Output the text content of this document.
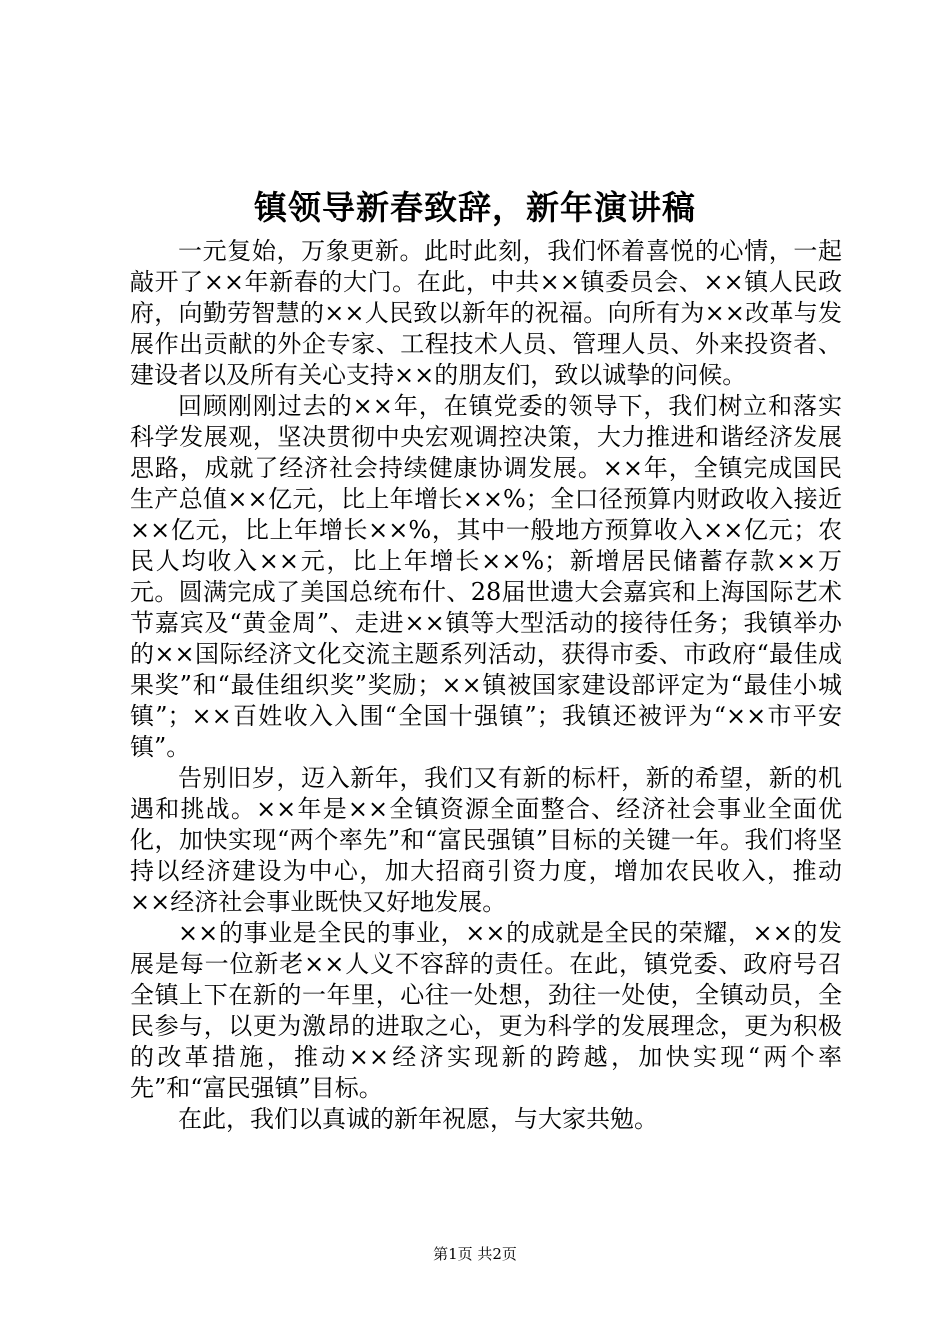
镇领导新春致辞，新年演讲稿

一元复始，万象更新。此时此刻，我们怀着喜悦的心情，一起敲开了××年新春的大门。在此，中共××镇委员会、××镇人民政府，向勤劳智慧的××人民致以新年的祝福。向所有为××改革与发展作出贡献的外企专家、工程技术人员、管理人员、外来投资者、建设者以及所有关心支持××的朋友们，致以诚挚的问候。

回顾刚刚过去的××年，在镇党委的领导下，我们树立和落实科学发展观，坚决贯彻中央宏观调控决策，大力推进和谐经济发展思路，成就了经济社会持续健康协调发展。××年，全镇完成国民生产总值××亿元，比上年增长××%；全口径预算内财政收入接近××亿元，比上年增长××%，其中一般地方预算收入××亿元；农民人均收入××元，比上年增长××%；新增居民储蓄存款××万元。圆满完成了美国总统布什、28届世遗大会嘉宾和上海国际艺术节嘉宾及“黄金周”、走进××镇等大型活动的接待任务；我镇举办的××国际经济文化交流主题系列活动，获得市委、市政府“最佳成果奖”和“最佳组织奖”奖励；××镇被国家建设部评定为“最佳小城镇”；××百姓收入入围“全国十强镇”；我镇还被评为“××市平安镇”。

告别旧岁，迈入新年，我们又有新的标杆，新的希望，新的机遇和挑战。××年是××全镇资源全面整合、经济社会事业全面优化，加快实现“两个率先”和“富民强镇”目标的关键一年。我们将坚持以经济建设为中心，加大招商引资力度，增加农民收入，推动××经济社会事业既快又好地发展。

××的事业是全民的事业，××的成就是全民的荣耀，××的发展是每一位新老××人义不容辞的责任。在此，镇党委、政府号召全镇上下在新的一年里，心往一处想，劲往一处使，全镇动员，全民参与，以更为激昂的进取之心，更为科学的发展理念，更为积极的改革措施，推动××经济实现新的跨越，加快实现“两个率先”和“富民强镇”目标。

在此，我们以真诚的新年祝愿，与大家共勉。

第1页 共2页
